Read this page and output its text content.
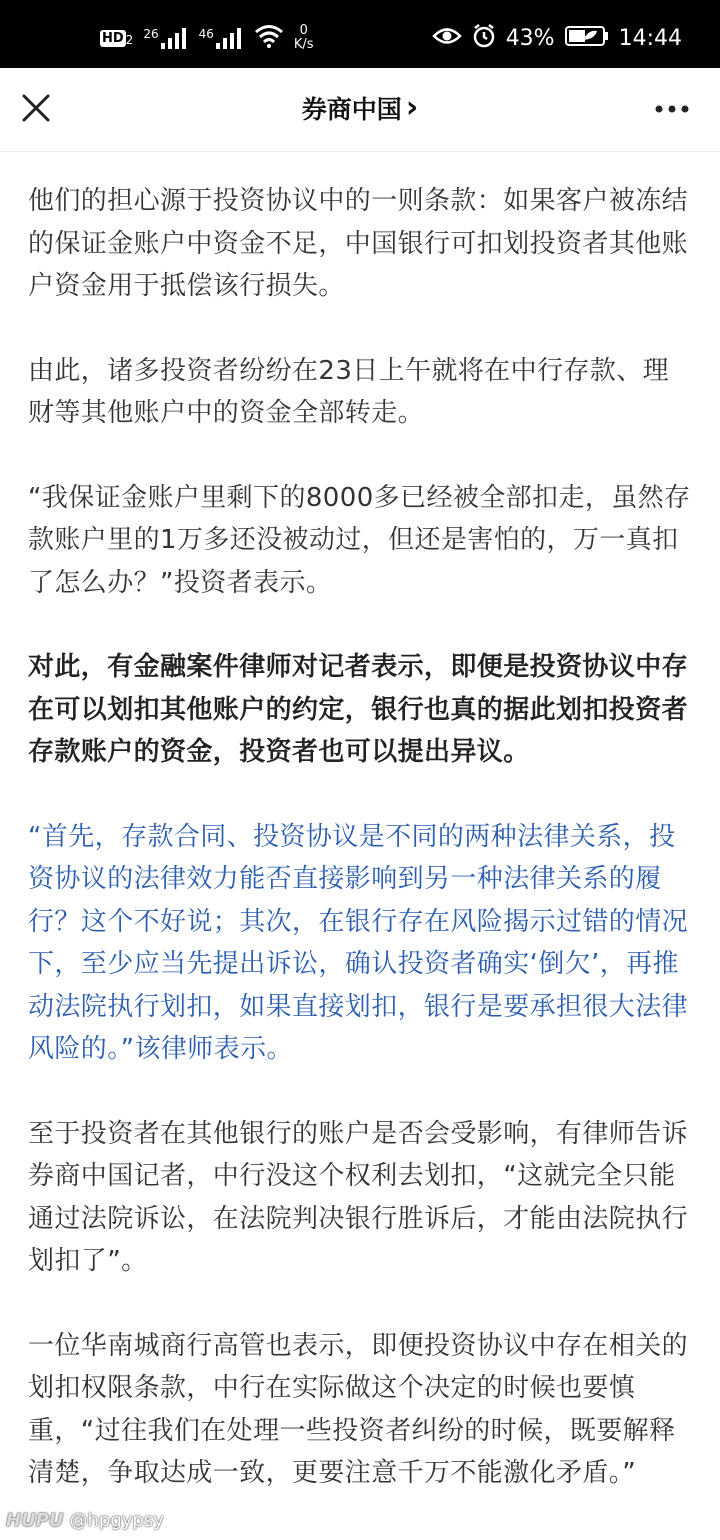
HD 2 26	46	0
K/s	43%	14:44
券商中国 ›

他们的担心源于投资协议中的一则条款：如果客户被冻结的保证金账户中资金不足，中国银行可扣划投资者其他账户资金用于抵偿该行损失。

由此，诸多投资者纷纷在23日上午就将在中行存款、理财等其他账户中的资金全部转走。

“我保证金账户里剩下的8000多已经被全部扣走，虽然存款账户里的1万多还没被动过，但还是害怕的，万一真扣了怎么办？”投资者表示。

对此，有金融案件律师对记者表示，即便是投资协议中存在可以划扣其他账户的约定，银行也真的据此划扣投资者存款账户的资金，投资者也可以提出异议。

“首先，存款合同、投资协议是不同的两种法律关系，投资协议的法律效力能否直接影响到另一种法律关系的履行？这个不好说；其次，在银行存在风险揭示过错的情况下，至少应当先提出诉讼，确认投资者确实‘倒欠’，再推动法院执行划扣，如果直接划扣，银行是要承担很大法律风险的。”该律师表示。

至于投资者在其他银行的账户是否会受影响，有律师告诉券商中国记者，中行没这个权利去划扣，“这就完全只能通过法院诉讼，在法院判决银行胜诉后，才能由法院执行划扣了”。

一位华南城商行高管也表示，即便投资协议中存在相关的划扣权限条款，中行在实际做这个决定的时候也要慎重，“过往我们在处理一些投资者纠纷的时候，既要解释清楚，争取达成一致，更要注意千万不能激化矛盾。”

HUPU @hpgypsy
